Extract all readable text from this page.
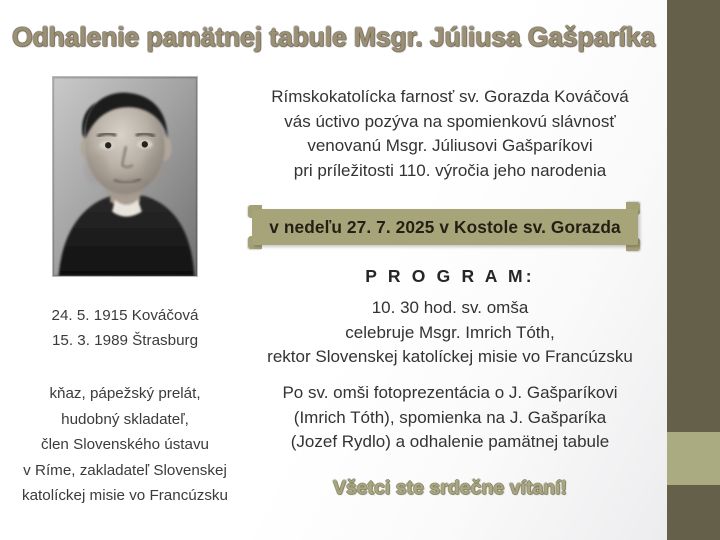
Odhalenie pamätnej tabule Msgr. Júliusa Gašparíka
24. 5. 1915 Kováčová
15. 3. 1989 Štrasburg
kňaz, pápežský prelát,
hudobný skladateľ,
člen Slovenského ústavu
v Ríme, zakladateľ Slovenskej
katolíckej misie vo Francúzsku
Rímskokatolícka farnosť sv. Gorazda Kováčová
vás úctivo pozýva na spomienkovú slávnosť
venovanú Msgr. Júliusovi Gašparíkovi
pri príležitosti 110. výročia jeho narodenia
v nedeľu 27. 7. 2025 v Kostole sv. Gorazda
P R O G R A M:
10. 30 hod. sv. omša
celebruje Msgr. Imrich Tóth,
rektor Slovenskej katolíckej misie vo Francúzsku
Po sv. omši fotoprezentácia o J. Gašparíkovi
(Imrich Tóth), spomienka na J. Gašparíka
(Jozef Rydlo) a odhalenie pamätnej tabule
Všetci ste srdečne vítaní!
